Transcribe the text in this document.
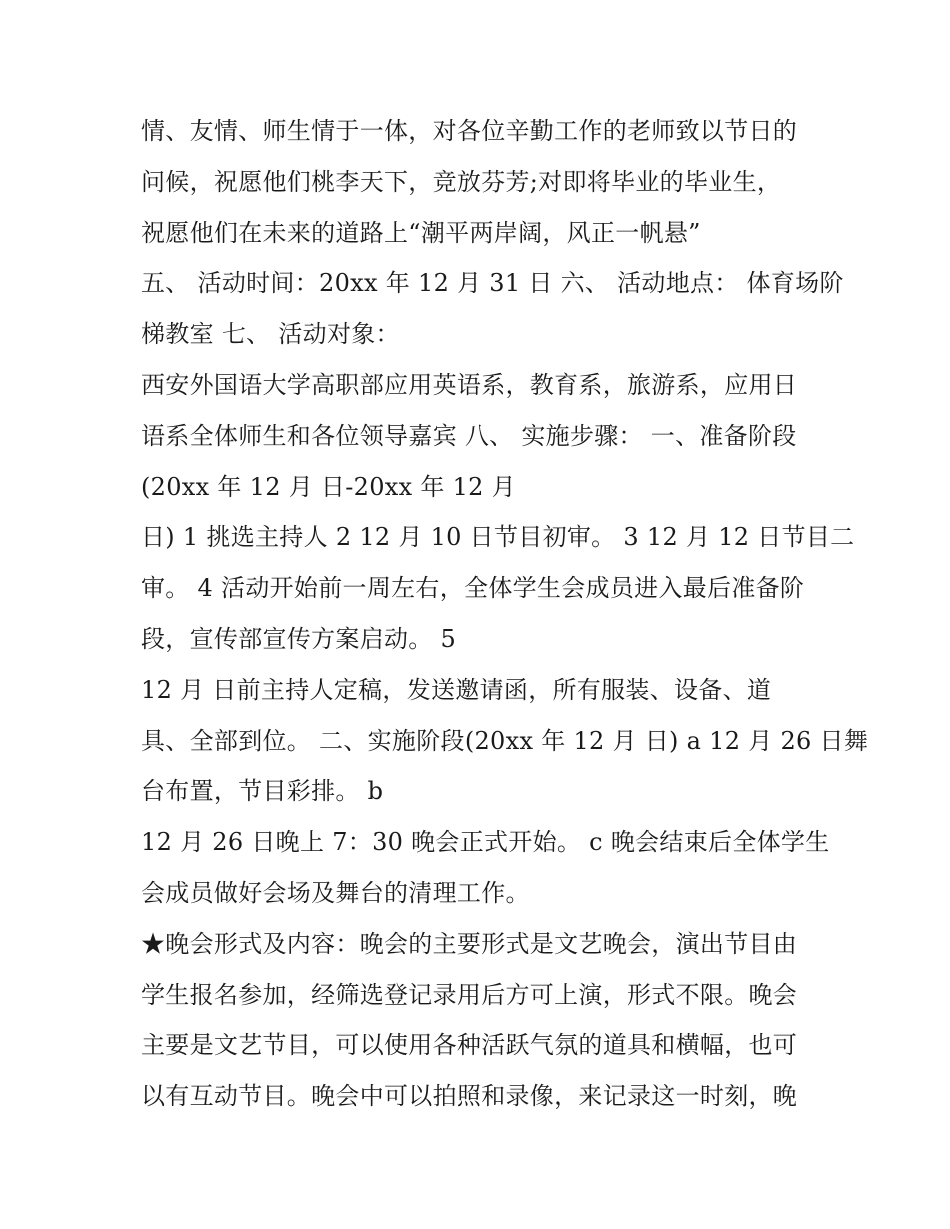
情、友情、师生情于一体，对各位辛勤工作的老师致以节日的

问候，祝愿他们桃李天下，竞放芬芳;对即将毕业的毕业生，

祝愿他们在未来的道路上“潮平两岸阔，风正一帆悬”

五、 活动时间：20xx 年 12 月 31 日 六、 活动地点： 体育场阶

梯教室 七、 活动对象：

西安外国语大学高职部应用英语系，教育系，旅游系，应用日

语系全体师生和各位领导嘉宾 八、 实施步骤： 一、准备阶段

(20xx 年 12 月 日-20xx 年 12 月

日) 1 挑选主持人 2 12 月 10 日节目初审。 3 12 月 12 日节目二

审。 4 活动开始前一周左右，全体学生会成员进入最后准备阶

段，宣传部宣传方案启动。 5

12 月 日前主持人定稿，发送邀请函，所有服装、设备、道

具、全部到位。 二、实施阶段(20xx 年 12 月 日) a 12 月 26 日舞

台布置，节目彩排。 b

12 月 26 日晚上 7：30 晚会正式开始。 c 晚会结束后全体学生

会成员做好会场及舞台的清理工作。

★晚会形式及内容：晚会的主要形式是文艺晚会，演出节目由

学生报名参加，经筛选登记录用后方可上演，形式不限。晚会

主要是文艺节目，可以使用各种活跃气氛的道具和横幅，也可

以有互动节目。晚会中可以拍照和录像，来记录这一时刻，晚
